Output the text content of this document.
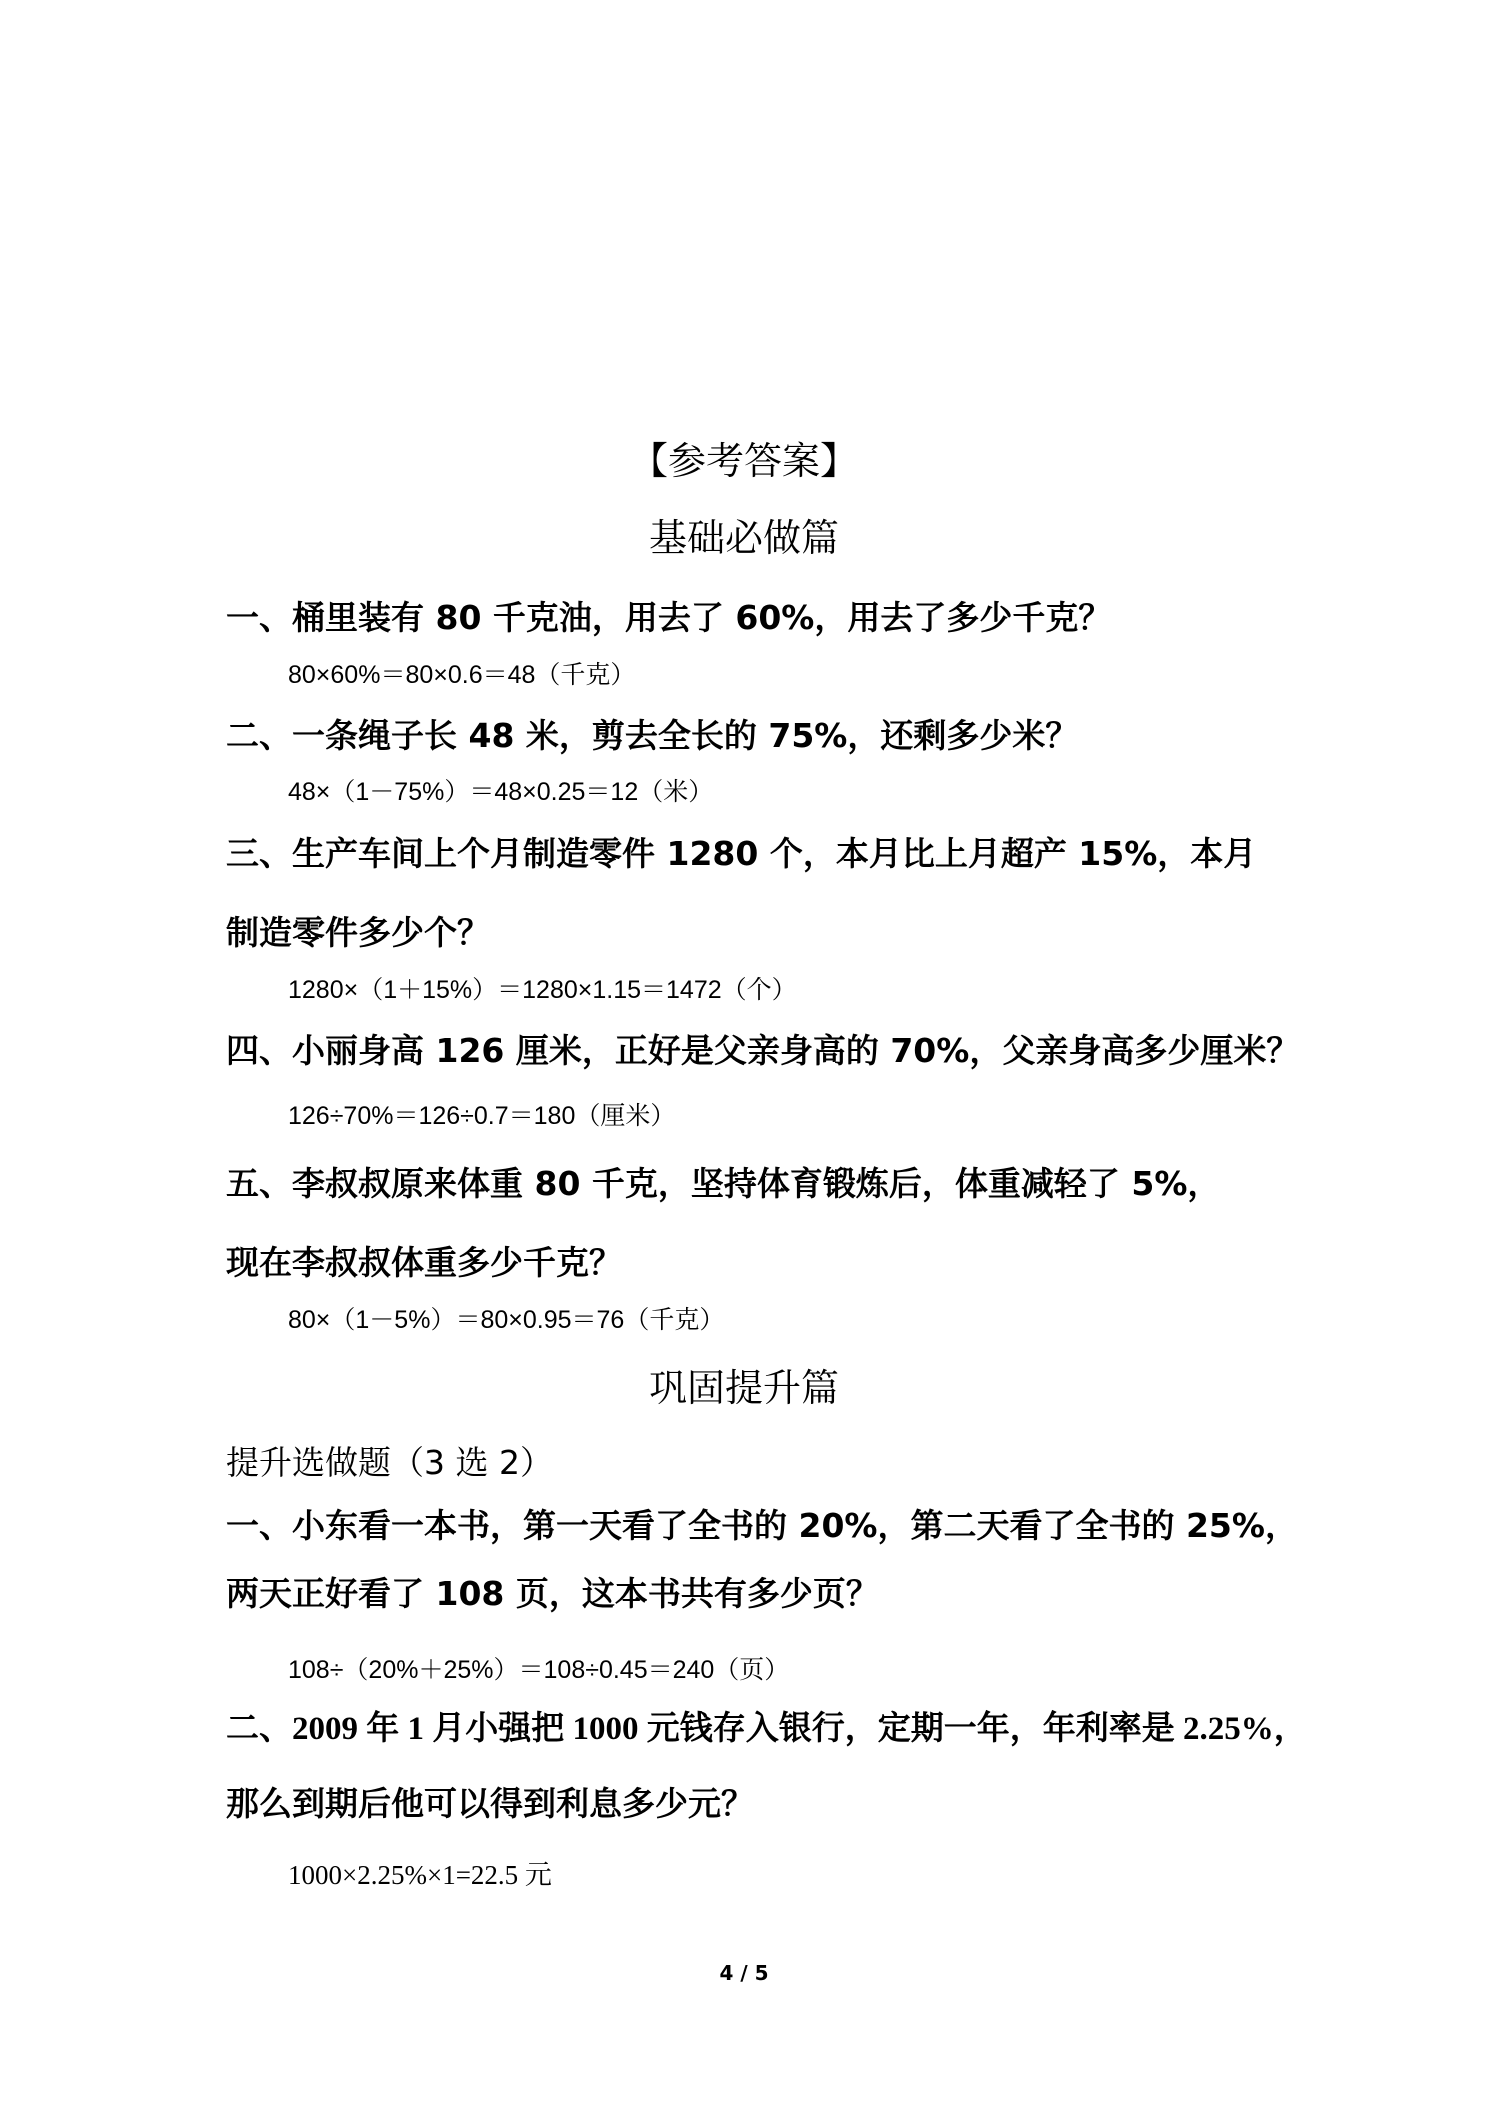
【参考答案】
基础必做篇
一、桶里装有 80 千克油，用去了 60%，用去了多少千克？
80×60%＝80×0.6＝48（千克）
二、一条绳子长 48 米，剪去全长的 75%，还剩多少米？
48×（1－75%）＝48×0.25＝12（米）
三、生产车间上个月制造零件 1280 个，本月比上月超产 15%，本月
制造零件多少个？
1280×（1＋15%）＝1280×1.15＝1472（个）
四、小丽身高 126 厘米，正好是父亲身高的 70%，父亲身高多少厘米？
126÷70%＝126÷0.7＝180（厘米）
五、李叔叔原来体重 80 千克，坚持体育锻炼后，体重减轻了 5%，
现在李叔叔体重多少千克？
80×（1－5%）＝80×0.95＝76（千克）
巩固提升篇
提升选做题（3 选 2）
一、小东看一本书，第一天看了全书的 20%，第二天看了全书的 25%，
两天正好看了 108 页，这本书共有多少页？
108÷（20%＋25%）＝108÷0.45＝240（页）
二、2009 年 1 月小强把 1000 元钱存入银行，定期一年，年利率是 2.25%，
那么到期后他可以得到利息多少元？
1000×2.25%×1=22.5 元
4 / 5
